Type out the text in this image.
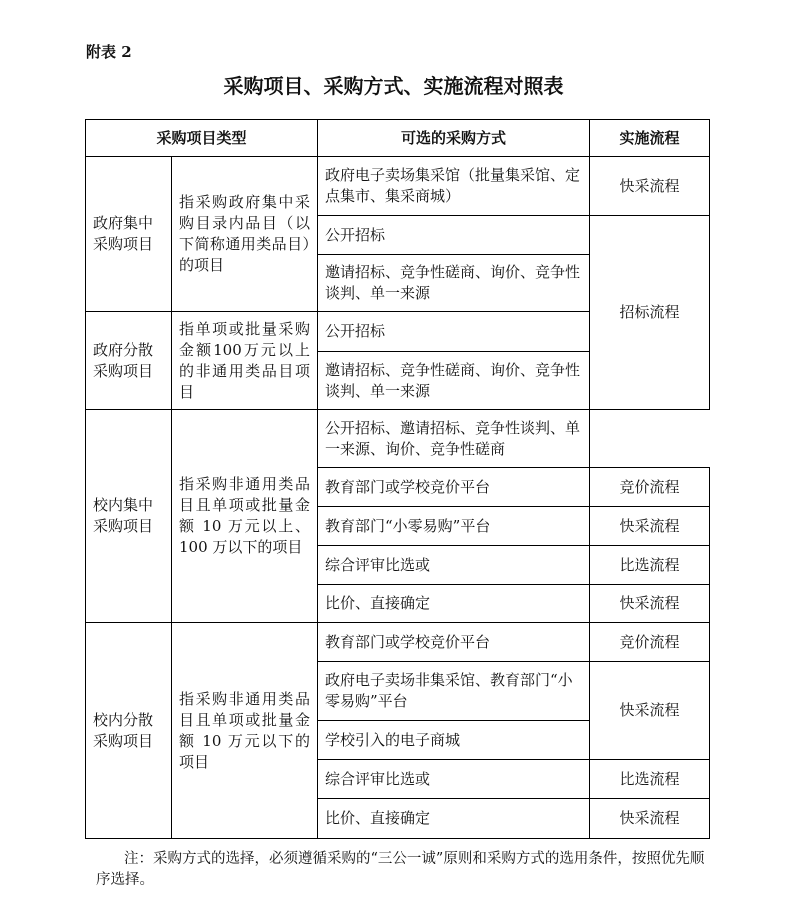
附表 2
采购项目、采购方式、实施流程对照表
采购项目类型		可选的采购方式	实施流程
政府集中采购项目	指采购政府集中采购目录内品目（以下简称通用类品目）的项目	政府电子卖场集采馆（批量集采馆、定点集市、集采商城）	快采流程
		公开招标	招标流程
		邀请招标、竞争性磋商、询价、竞争性谈判、单一来源	
政府分散采购项目	指单项或批量采购金额100万元以上的非通用类品目项目	公开招标	
		邀请招标、竞争性磋商、询价、竞争性谈判、单一来源	
校内集中采购项目	指采购非通用类品目且单项或批量金额 10 万元以上、100 万以下的项目	公开招标、邀请招标、竞争性谈判、单一来源、询价、竞争性磋商	
		教育部门或学校竞价平台	竞价流程
		教育部门“小零易购”平台	快采流程
		综合评审比选或	比选流程
		比价、直接确定	快采流程
校内分散采购项目	指采购非通用类品目且单项或批量金额 10 万元以下的项目	教育部门或学校竞价平台	竞价流程
		政府电子卖场非集采馆、教育部门“小零易购”平台	快采流程
		学校引入的电子商城	
		综合评审比选或	比选流程
		比价、直接确定	快采流程
注：采购方式的选择，必须遵循采购的“三公一诚”原则和采购方式的选用条件，按照优先顺序选择。
